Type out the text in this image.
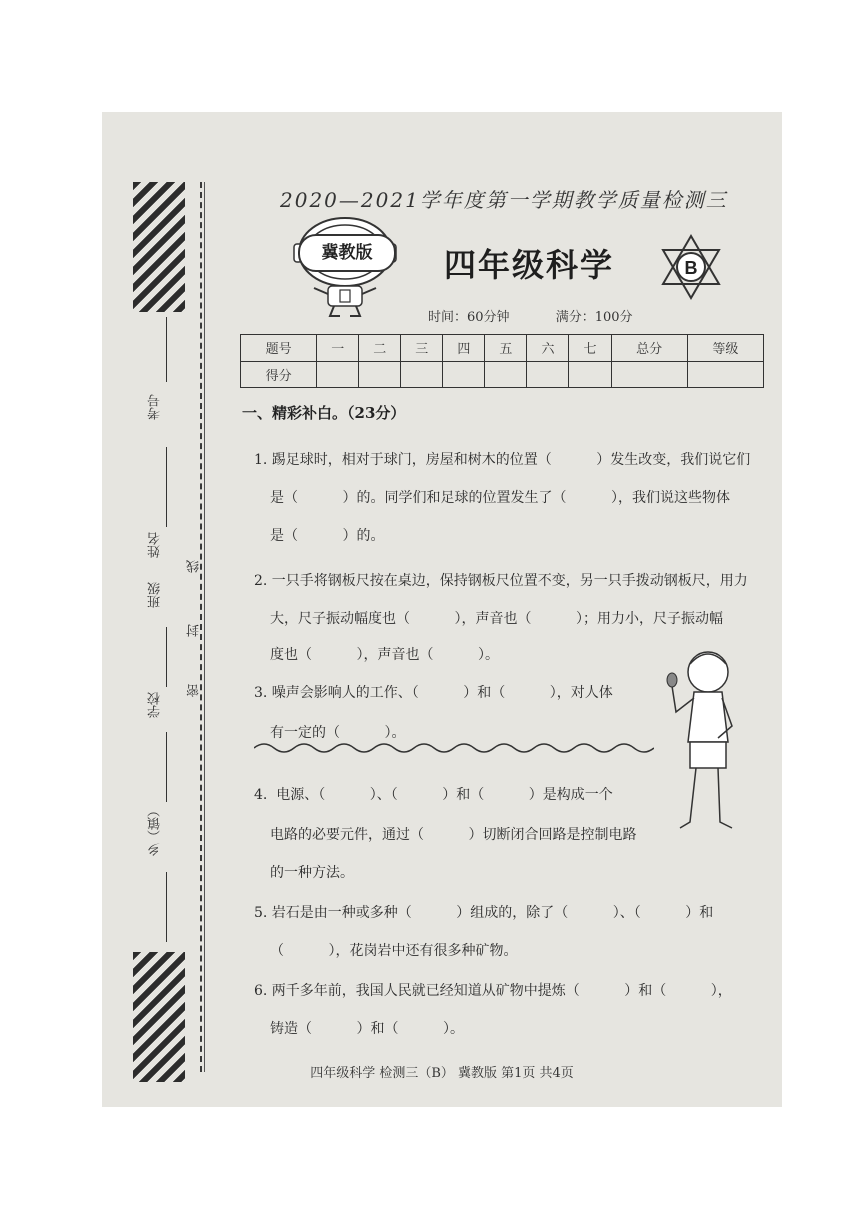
考号
姓名
班级
学校
乡（镇）
线
封
密
2020—2021学年度第一学期教学质量检测三
冀教版	四年级科学	B
时间：60分钟	满分：100分
题号	一	二	三	四	五	六	七	总分	等级
得分									
一、精彩补白。（23分）
1. 踢足球时，相对于球门，房屋和树木的位置（          ）发生改变，我们说它们
是（          ）的。同学们和足球的位置发生了（          ），我们说这些物体
是（          ）的。
2. 一只手将钢板尺按在桌边，保持钢板尺位置不变，另一只手拨动钢板尺，用力
大，尺子振动幅度也（          ），声音也（          ）；用力小，尺子振动幅
度也（          ），声音也（          ）。
3. 噪声会影响人的工作、（          ）和（          ），对人体
有一定的（          ）。
4.  电源、（          ）、（          ）和（          ）是构成一个
电路的必要元件，通过（          ）切断闭合回路是控制电路
的一种方法。
5. 岩石是由一种或多种（          ）组成的，除了（          ）、（          ）和
（          ），花岗岩中还有很多种矿物。
6. 两千多年前，我国人民就已经知道从矿物中提炼（          ）和（          ），
铸造（          ）和（          ）。
四年级科学 检测三（B） 冀教版 第1页 共4页
